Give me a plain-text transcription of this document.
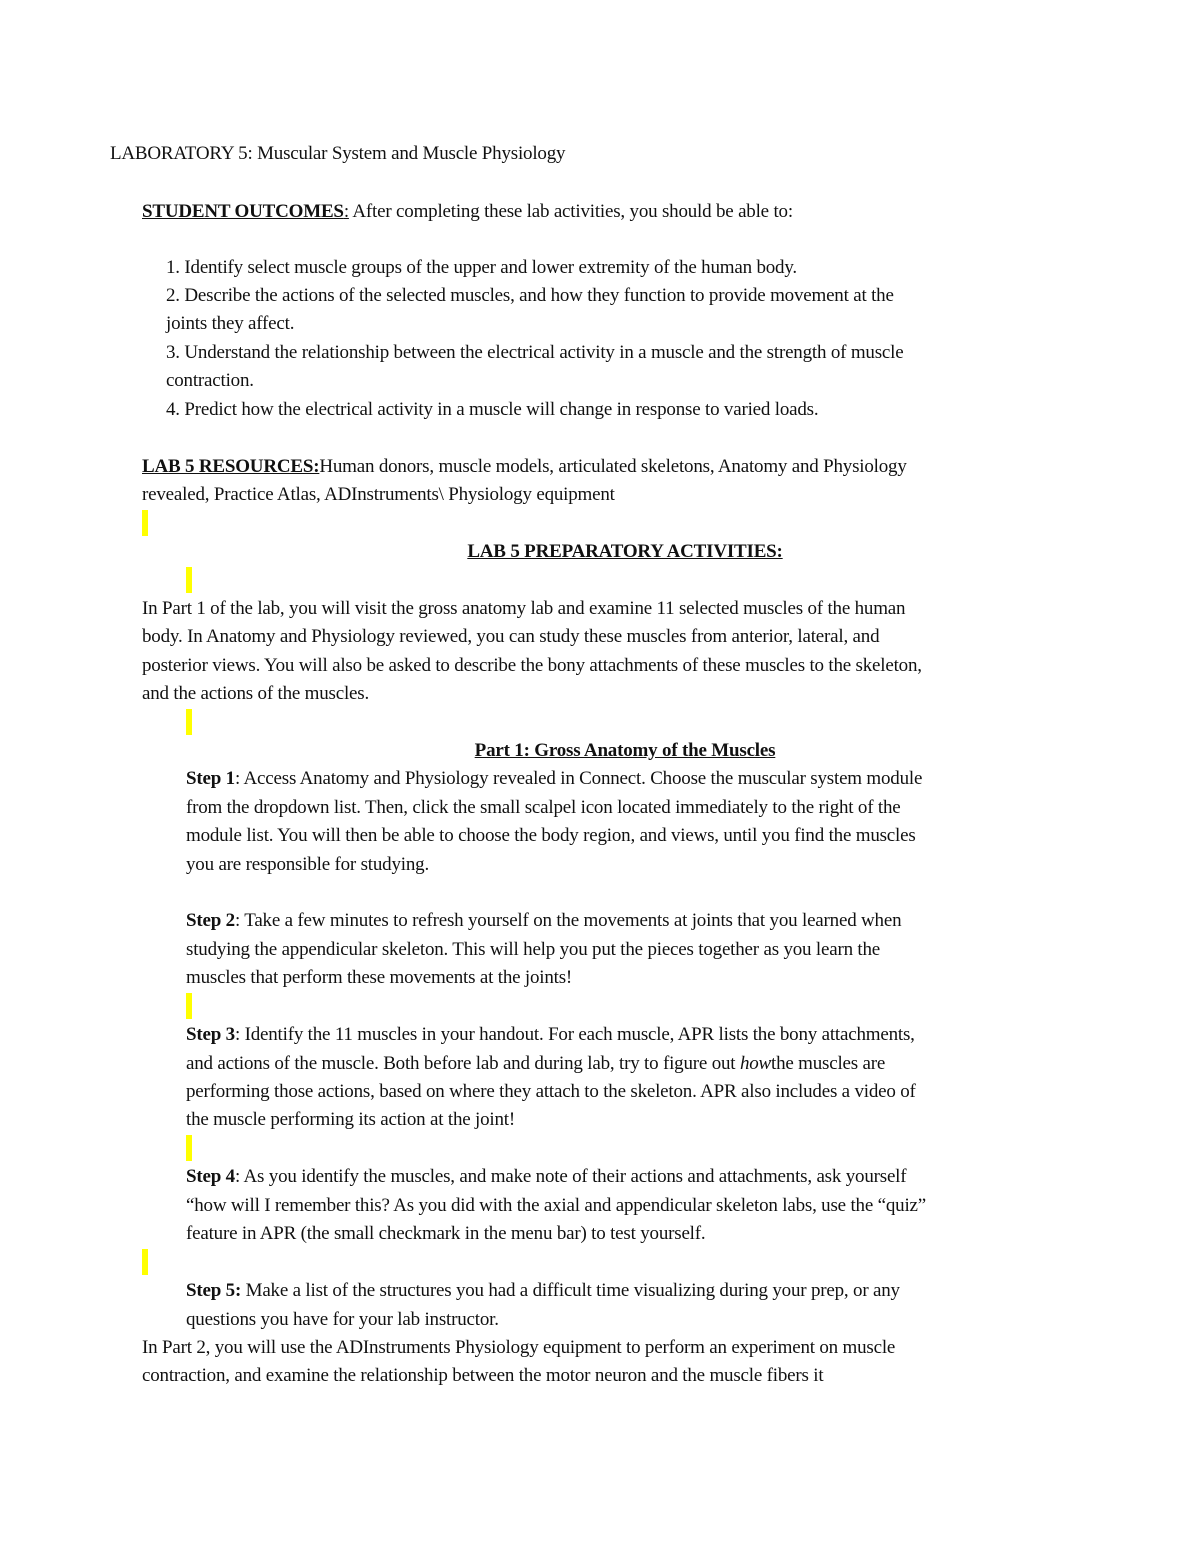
LABORATORY 5: Muscular System and Muscle Physiology
STUDENT OUTCOMES: After completing these lab activities, you should be able to:
1. Identify select muscle groups of the upper and lower extremity of the human body.
2. Describe the actions of the selected muscles, and how they function to provide movement at the
joints they affect.
3. Understand the relationship between the electrical activity in a muscle and the strength of muscle
contraction.
4. Predict how the electrical activity in a muscle will change in response to varied loads.
LAB 5 RESOURCES:Human donors, muscle models, articulated skeletons, Anatomy and Physiology
revealed, Practice Atlas, ADInstruments\ Physiology equipment
LAB 5 PREPARATORY ACTIVITIES:
In Part 1 of the lab, you will visit the gross anatomy lab and examine 11 selected muscles of the human
body. In Anatomy and Physiology reviewed, you can study these muscles from anterior, lateral, and
posterior views. You will also be asked to describe the bony attachments of these muscles to the skeleton,
and the actions of the muscles.
Part 1: Gross Anatomy of the Muscles
Step 1: Access Anatomy and Physiology revealed in Connect. Choose the muscular system module
from the dropdown list. Then, click the small scalpel icon located immediately to the right of the
module list. You will then be able to choose the body region, and views, until you find the muscles
you are responsible for studying.
Step 2: Take a few minutes to refresh yourself on the movements at joints that you learned when
studying the appendicular skeleton. This will help you put the pieces together as you learn the
muscles that perform these movements at the joints!
Step 3: Identify the 11 muscles in your handout. For each muscle, APR lists the bony attachments,
and actions of the muscle. Both before lab and during lab, try to figure out howthe muscles are
performing those actions, based on where they attach to the skeleton. APR also includes a video of
the muscle performing its action at the joint!
Step 4: As you identify the muscles, and make note of their actions and attachments, ask yourself
“how will I remember this? As you did with the axial and appendicular skeleton labs, use the “quiz”
feature in APR (the small checkmark in the menu bar) to test yourself.
Step 5: Make a list of the structures you had a difficult time visualizing during your prep, or any
questions you have for your lab instructor.
In Part 2, you will use the ADInstruments Physiology equipment to perform an experiment on muscle
contraction, and examine the relationship between the motor neuron and the muscle fibers it
